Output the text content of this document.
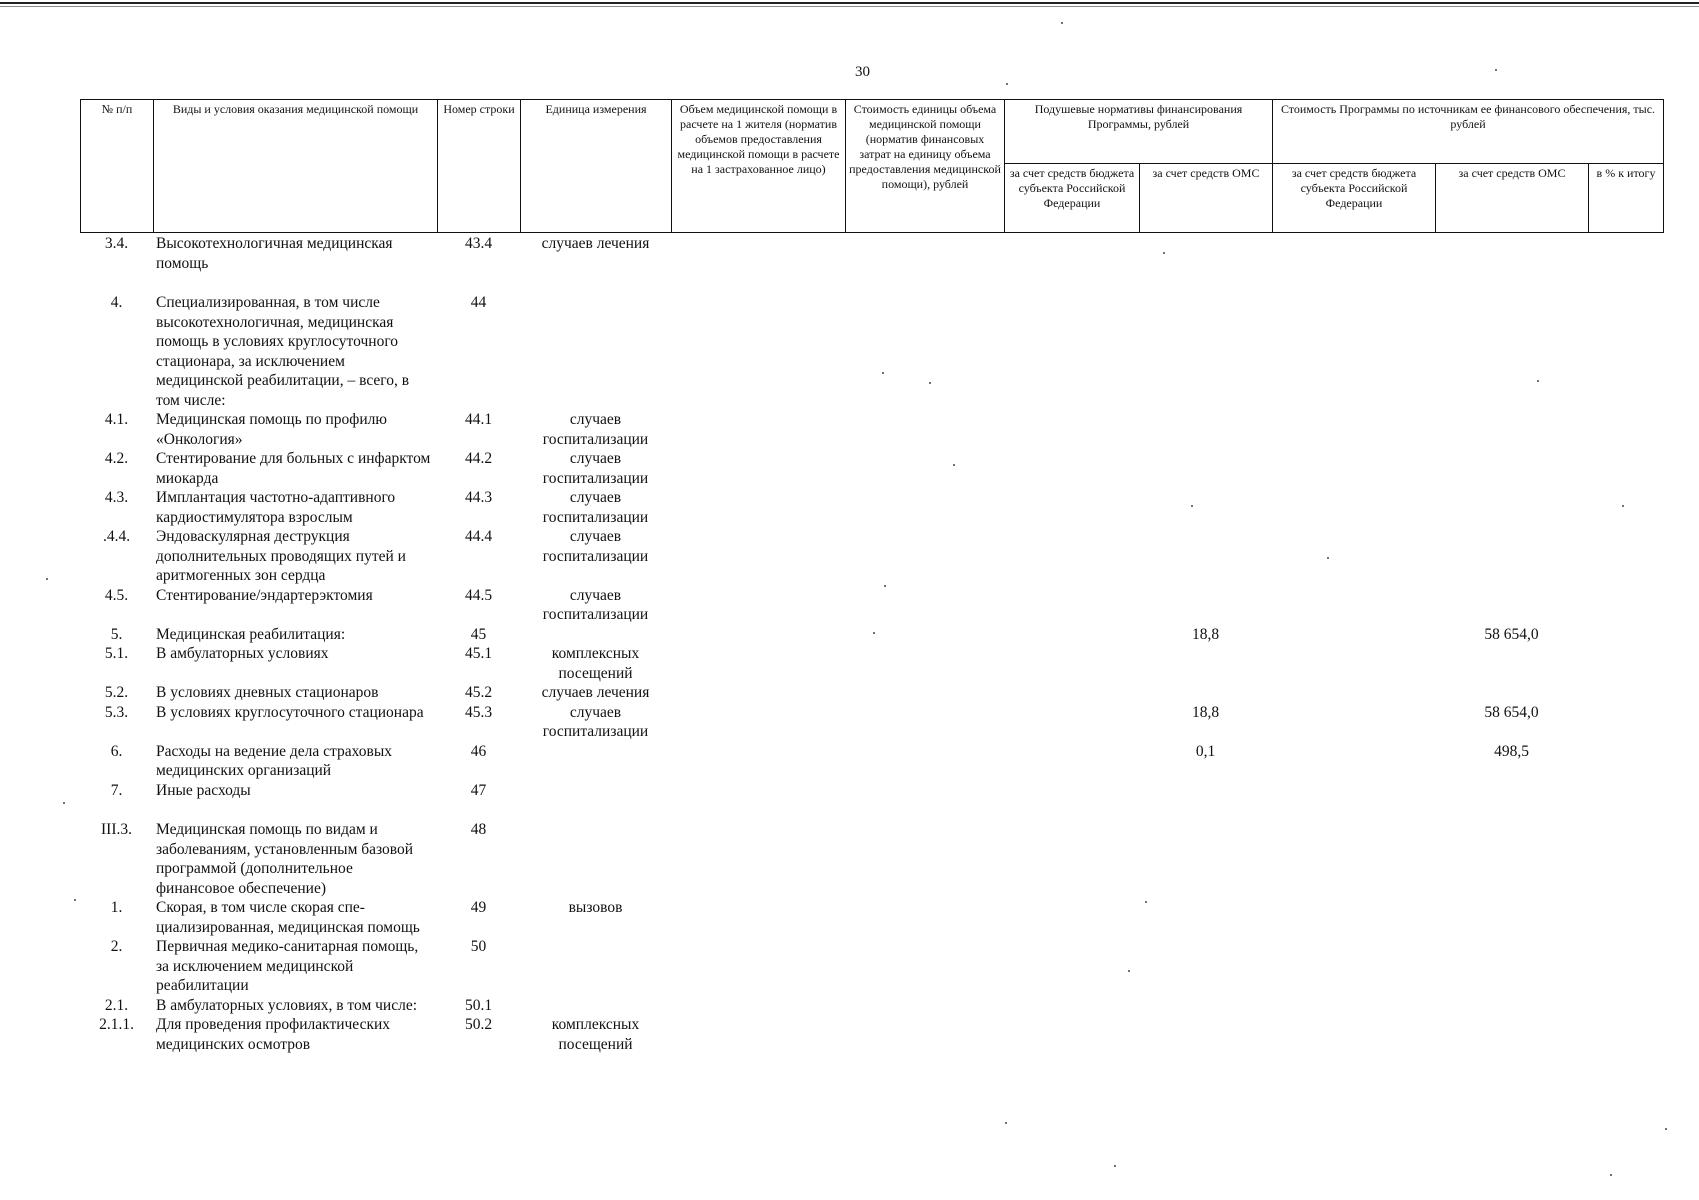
30
№ п/п	Виды и условия оказания медицинской помощи	Номер строки	Единица измерения	Объем медицинской помощи в расчете на 1 жителя (норматив объемов предоставления медицинской помощи в расчете на 1 застрахованное лицо)	Стоимость единицы объема медицинской помощи (норматив финансовых затрат на единицу объема предоставления медицинской помощи), рублей	Подушевые нормативы финансирования Программы, рублей		Стоимость Программы по источникам ее финансового обеспечения, тыс. рублей		
						за счет средств бюджета субъекта Российской Федерации	за счет средств ОМС	за счет средств бюджета субъекта Российской Федерации	за счет средств ОМС	в % к итогу
3.4.	Высокотехнологичная медицинская помощь	43.4	случаев лечения							
4.	Специализированная, в том числе высокотехнологичная, медицинская помощь в условиях круглосуточного стационара, за исключением медицинской реабилитации, – всего, в том числе:	44								
4.1.	Медицинская помощь по профилю «Онкология»	44.1	случаев госпитализации							
4.2.	Стентирование для больных с инфарктом миокарда	44.2	случаев госпитализации							
4.3.	Имплантация частотно-адаптивного кардиостимулятора взрослым	44.3	случаев госпитализации							
.4.4.	Эндоваскулярная деструкция дополнительных проводящих путей и аритмогенных зон сердца	44.4	случаев госпитализации							
4.5.	Стентирование/эндартерэктомия	44.5	случаев госпитализации							
5.	Медицинская реабилитация:	45					18,8		58 654,0	
5.1.	В амбулаторных условиях	45.1	комплексных посещений							
5.2.	В условиях дневных стационаров	45.2	случаев лечения							
5.3.	В условиях круглосуточного стационара	45.3	случаев госпитализации				18,8		58 654,0	
6.	Расходы на ведение дела страховых медицинских организаций	46					0,1		498,5	
7.	Иные расходы	47								
III.3.	Медицинская помощь по видам и заболеваниям, установленным базовой программой (дополнительное финансовое обеспечение)	48								
1.	Скорая, в том числе скорая спе-циализированная, медицинская помощь	49	вызовов							
2.	Первичная медико-санитарная помощь, за исключением медицинской реабилитации	50								
2.1.	В амбулаторных условиях, в том числе:	50.1								
2.1.1.	Для проведения профилактических медицинских осмотров	50.2	комплексных посещений							
